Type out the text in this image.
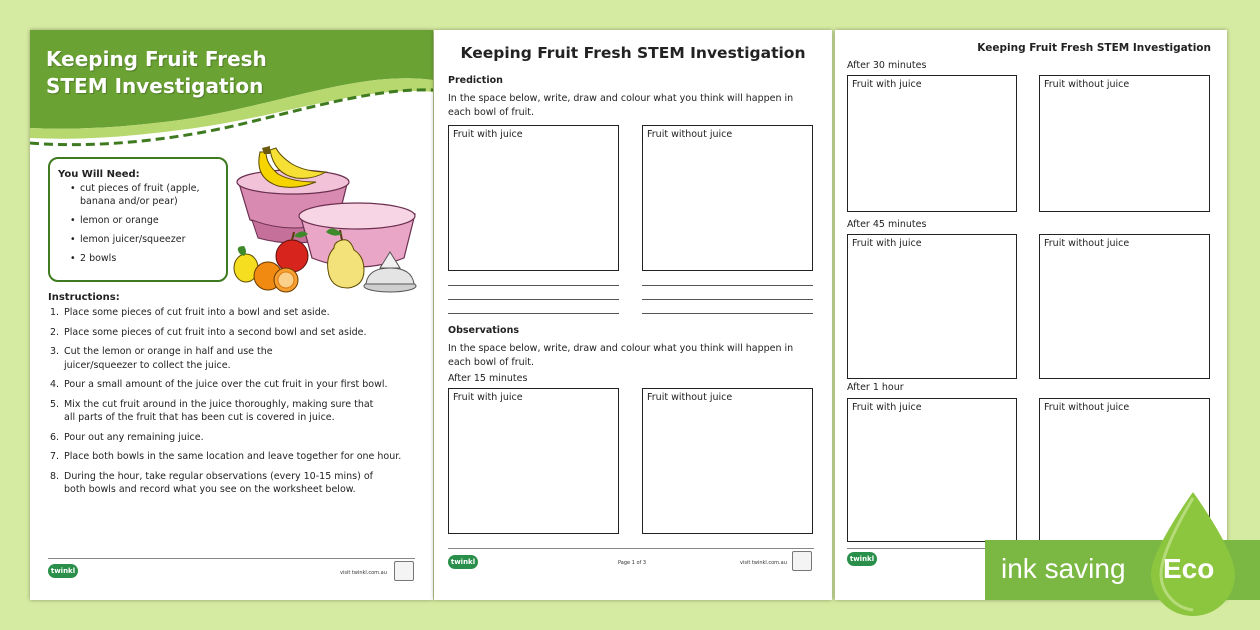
Keeping Fruit Fresh
STEM Investigation
You Will Need:
• cut pieces of fruit (apple, banana and/or pear)
• lemon or orange
• lemon juicer/squeezer
• 2 bowls
Instructions:
1. Place some pieces of cut fruit into a bowl and set aside.
2. Place some pieces of cut fruit into a second bowl and set aside.
3. Cut the lemon or orange in half and use the juicer/squeezer to collect the juice.
4. Pour a small amount of the juice over the cut fruit in your first bowl.
5. Mix the cut fruit around in the juice thoroughly, making sure that all parts of the fruit that has been cut is covered in juice.
6. Pour out any remaining juice.
7. Place both bowls in the same location and leave together for one hour.
8. During the hour, take regular observations (every 10-15 mins) of both bowls and record what you see on the worksheet below.
twinkl	visit twinkl.com.au
Keeping Fruit Fresh STEM Investigation
Prediction
In the space below, write, draw and colour what you think will happen in each bowl of fruit.
Fruit with juice	Fruit without juice
Observations
In the space below, write, draw and colour what you think will happen in each bowl of fruit.
After 15 minutes
Fruit with juice	Fruit without juice
twinkl	Page 1 of 3	visit twinkl.com.au
Keeping Fruit Fresh STEM Investigation
After 30 minutes
Fruit with juice	Fruit without juice
After 45 minutes
Fruit with juice	Fruit without juice
After 1 hour
Fruit with juice	Fruit without juice
twinkl	ink saving Eco
